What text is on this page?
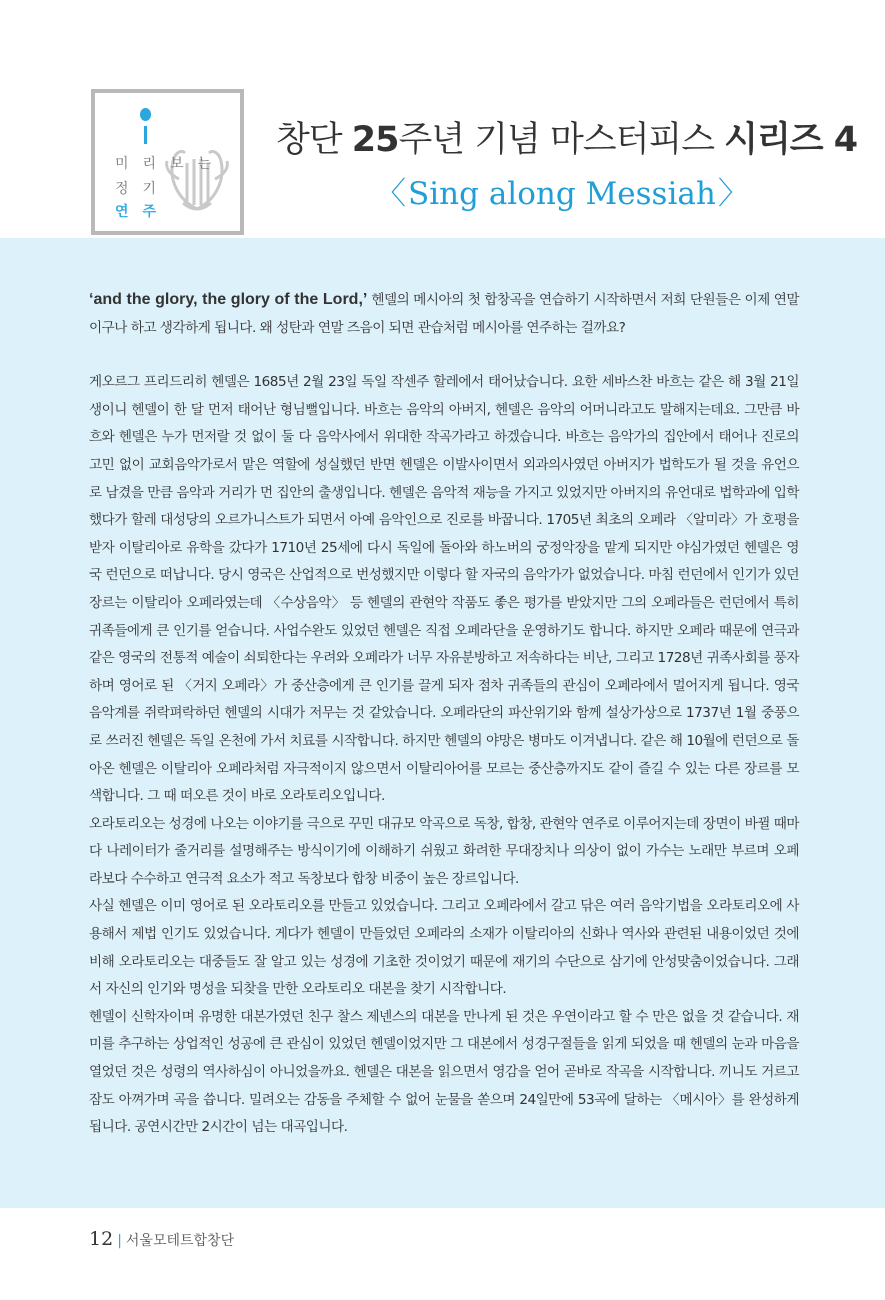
미리보는
정기
연주
창단 25주년 기념 마스터피스 시리즈 4
〈Sing along Messiah〉

‘and the glory, the glory of the Lord,’ 헨델의 메시아의 첫 합창곡을 연습하기 시작하면서 저희 단원들은 이제 연말이구나 하고 생각하게 됩니다. 왜 성탄과 연말 즈음이 되면 관습처럼 메시아를 연주하는 걸까요?

게오르그 프리드리히 헨델은 1685년 2월 23일 독일 작센주 할레에서 태어났습니다. 요한 세바스찬 바흐는 같은 해 3월 21일생이니 헨델이 한 달 먼저 태어난 형님뻘입니다. 바흐는 음악의 아버지, 헨델은 음악의 어머니라고도 말해지는데요. 그만큼 바흐와 헨델은 누가 먼저랄 것 없이 둘 다 음악사에서 위대한 작곡가라고 하겠습니다. 바흐는 음악가의 집안에서 태어나 진로의 고민 없이 교회음악가로서 맡은 역할에 성실했던 반면 헨델은 이발사이면서 외과의사였던 아버지가 법학도가 될 것을 유언으로 남겼을 만큼 음악과 거리가 먼 집안의 출생입니다. 헨델은 음악적 재능을 가지고 있었지만 아버지의 유언대로 법학과에 입학했다가 할레 대성당의 오르가니스트가 되면서 아예 음악인으로 진로를 바꿉니다. 1705년 최초의 오페라 〈알미라〉가 호평을 받자 이탈리아로 유학을 갔다가 1710년 25세에 다시 독일에 돌아와 하노버의 궁정악장을 맡게 되지만 야심가였던 헨델은 영국 런던으로 떠납니다. 당시 영국은 산업적으로 번성했지만 이렇다 할 자국의 음악가가 없었습니다. 마침 런던에서 인기가 있던 장르는 이탈리아 오페라였는데 〈수상음악〉 등 헨델의 관현악 작품도 좋은 평가를 받았지만 그의 오페라들은 런던에서 특히 귀족들에게 큰 인기를 얻습니다. 사업수완도 있었던 헨델은 직접 오페라단을 운영하기도 합니다. 하지만 오페라 때문에 연극과 같은 영국의 전통적 예술이 쇠퇴한다는 우려와 오페라가 너무 자유분방하고 저속하다는 비난, 그리고 1728년 귀족사회를 풍자하며 영어로 된 〈거지 오페라〉가 중산층에게 큰 인기를 끌게 되자 점차 귀족들의 관심이 오페라에서 멀어지게 됩니다. 영국음악계를 쥐락펴락하던 헨델의 시대가 저무는 것 같았습니다. 오페라단의 파산위기와 함께 설상가상으로 1737년 1월 중풍으로 쓰러진 헨델은 독일 온천에 가서 치료를 시작합니다. 하지만 헨델의 야망은 병마도 이겨냅니다. 같은 해 10월에 런던으로 돌아온 헨델은 이탈리아 오페라처럼 자극적이지 않으면서 이탈리아어를 모르는 중산층까지도 같이 즐길 수 있는 다른 장르를 모색합니다. 그 때 떠오른 것이 바로 오라토리오입니다.

오라토리오는 성경에 나오는 이야기를 극으로 꾸민 대규모 악곡으로 독창, 합창, 관현악 연주로 이루어지는데 장면이 바뀔 때마다 나레이터가 줄거리를 설명해주는 방식이기에 이해하기 쉬웠고 화려한 무대장치나 의상이 없이 가수는 노래만 부르며 오페라보다 수수하고 연극적 요소가 적고 독창보다 합창 비중이 높은 장르입니다.

사실 헨델은 이미 영어로 된 오라토리오를 만들고 있었습니다. 그리고 오페라에서 갈고 닦은 여러 음악기법을 오라토리오에 사용해서 제법 인기도 있었습니다. 게다가 헨델이 만들었던 오페라의 소재가 이탈리아의 신화나 역사와 관련된 내용이었던 것에 비해 오라토리오는 대중들도 잘 알고 있는 성경에 기초한 것이었기 때문에 재기의 수단으로 삼기에 안성맞춤이었습니다. 그래서 자신의 인기와 명성을 되찾을 만한 오라토리오 대본을 찾기 시작합니다.

헨델이 신학자이며 유명한 대본가였던 친구 찰스 제넨스의 대본을 만나게 된 것은 우연이라고 할 수 만은 없을 것 같습니다. 재미를 추구하는 상업적인 성공에 큰 관심이 있었던 헨델이었지만 그 대본에서 성경구절들을 읽게 되었을 때 헨델의 눈과 마음을 열었던 것은 성령의 역사하심이 아니었을까요. 헨델은 대본을 읽으면서 영감을 얻어 곧바로 작곡을 시작합니다. 끼니도 거르고 잠도 아껴가며 곡을 씁니다. 밀려오는 감동을 주체할 수 없어 눈물을 쏟으며 24일만에 53곡에 달하는 〈메시아〉를 완성하게 됩니다. 공연시간만 2시간이 넘는 대곡입니다.

12 | 서울모테트합창단
